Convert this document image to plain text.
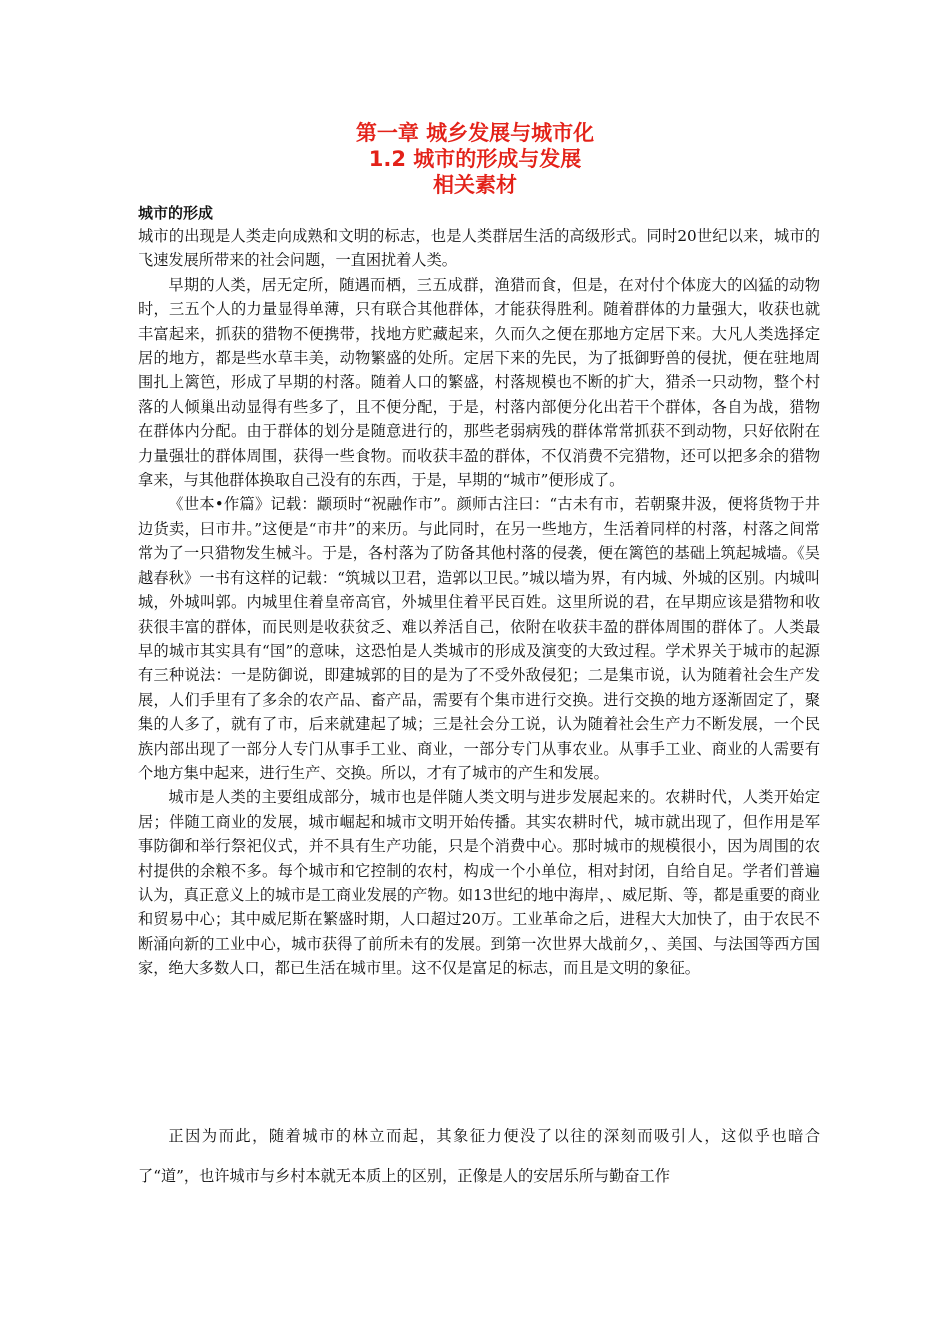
第一章 城乡发展与城市化
1.2 城市的形成与发展
相关素材
城市的形成

城市的出现是人类走向成熟和文明的标志，也是人类群居生活的高级形式。同时20世纪以来，城市的飞速发展所带来的社会问题，一直困扰着人类。

早期的人类，居无定所，随遇而栖，三五成群，渔猎而食，但是，在对付个体庞大的凶猛的动物时，三五个人的力量显得单薄，只有联合其他群体，才能获得胜利。随着群体的力量强大，收获也就丰富起来，抓获的猎物不便携带，找地方贮藏起来，久而久之便在那地方定居下来。大凡人类选择定居的地方，都是些水草丰美，动物繁盛的处所。定居下来的先民，为了抵御野兽的侵扰，便在驻地周围扎上篱笆，形成了早期的村落。随着人口的繁盛，村落规模也不断的扩大，猎杀一只动物，整个村落的人倾巢出动显得有些多了，且不便分配，于是，村落内部便分化出若干个群体，各自为战，猎物在群体内分配。由于群体的划分是随意进行的，那些老弱病残的群体常常抓获不到动物，只好依附在力量强壮的群体周围，获得一些食物。而收获丰盈的群体，不仅消费不完猎物，还可以把多余的猎物拿来，与其他群体换取自己没有的东西，于是，早期的“城市”便形成了。

《世本•作篇》记载：颛顼时“祝融作市”。颜师古注曰：“古未有市，若朝聚井汲，便将货物于井边货卖，曰市井。”这便是“市井”的来历。与此同时，在另一些地方，生活着同样的村落，村落之间常常为了一只猎物发生械斗。于是，各村落为了防备其他村落的侵袭，便在篱笆的基础上筑起城墙。《吴越春秋》一书有这样的记载：“筑城以卫君，造郭以卫民。”城以墙为界，有内城、外城的区别。内城叫城，外城叫郭。内城里住着皇帝高官，外城里住着平民百姓。这里所说的君，在早期应该是猎物和收获很丰富的群体，而民则是收获贫乏、难以养活自己，依附在收获丰盈的群体周围的群体了。人类最早的城市其实具有“国”的意味，这恐怕是人类城市的形成及演变的大致过程。学术界关于城市的起源有三种说法：一是防御说，即建城郭的目的是为了不受外敌侵犯；二是集市说，认为随着社会生产发展，人们手里有了多余的农产品、畜产品，需要有个集市进行交换。进行交换的地方逐渐固定了，聚集的人多了，就有了市，后来就建起了城；三是社会分工说，认为随着社会生产力不断发展，一个民族内部出现了一部分人专门从事手工业、商业，一部分专门从事农业。从事手工业、商业的人需要有个地方集中起来，进行生产、交换。所以，才有了城市的产生和发展。

城市是人类的主要组成部分，城市也是伴随人类文明与进步发展起来的。农耕时代，人类开始定居；伴随工商业的发展，城市崛起和城市文明开始传播。其实农耕时代，城市就出现了，但作用是军事防御和举行祭祀仪式，并不具有生产功能，只是个消费中心。那时城市的规模很小，因为周围的农村提供的余粮不多。每个城市和它控制的农村，构成一个小单位，相对封闭，自给自足。学者们普遍认为，真正意义上的城市是工商业发展的产物。如13世纪的地中海岸，、威尼斯、等，都是重要的商业和贸易中心；其中威尼斯在繁盛时期，人口超过20万。工业革命之后，进程大大加快了，由于农民不断涌向新的工业中心，城市获得了前所未有的发展。到第一次世界大战前夕，、美国、与法国等西方国家，绝大多数人口，都已生活在城市里。这不仅是富足的标志，而且是文明的象征。

正因为而此，随着城市的林立而起，其象征力便没了以往的深刻而吸引人，这似乎也暗合了“道”，也许城市与乡村本就无本质上的区别，正像是人的安居乐所与勤奋工作
